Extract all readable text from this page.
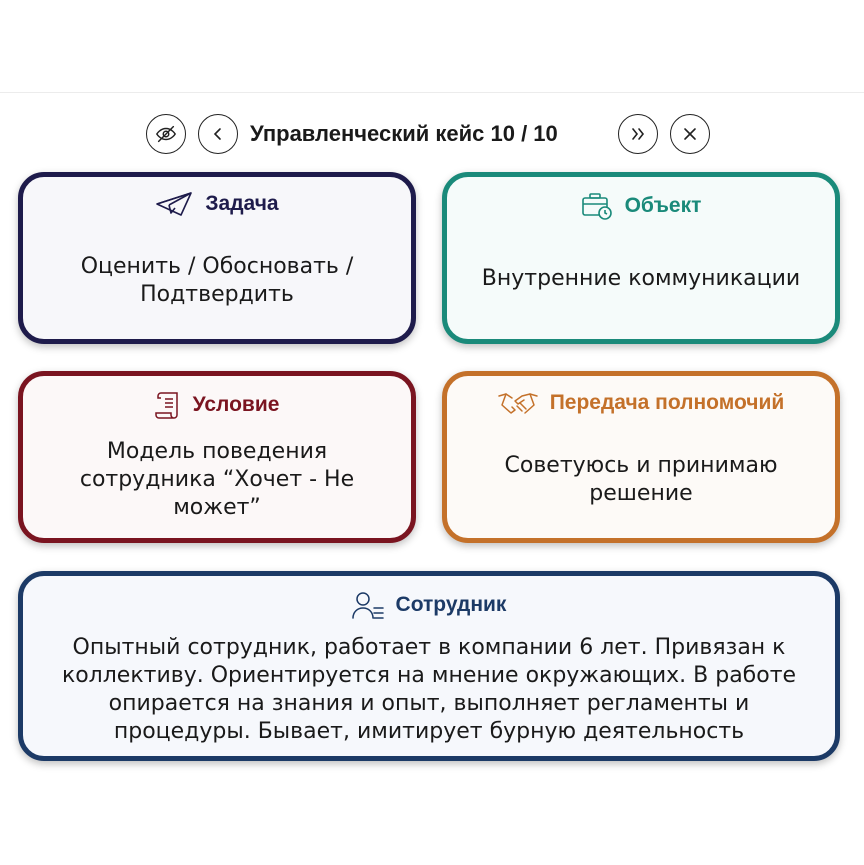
Управленческий кейс 10 / 10
Задача
Оценить / Обосновать / Подтвердить
Объект
Внутренние коммуникации
Условие
Модель поведения сотрудника “Хочет - Не может”
Передача полномочий
Советуюсь и принимаю решение
Сотрудник
Опытный сотрудник, работает в компании 6 лет. Привязан к коллективу. Ориентируется на мнение окружающих. В работе опирается на знания и опыт, выполняет регламенты и процедуры. Бывает, имитирует бурную деятельность
